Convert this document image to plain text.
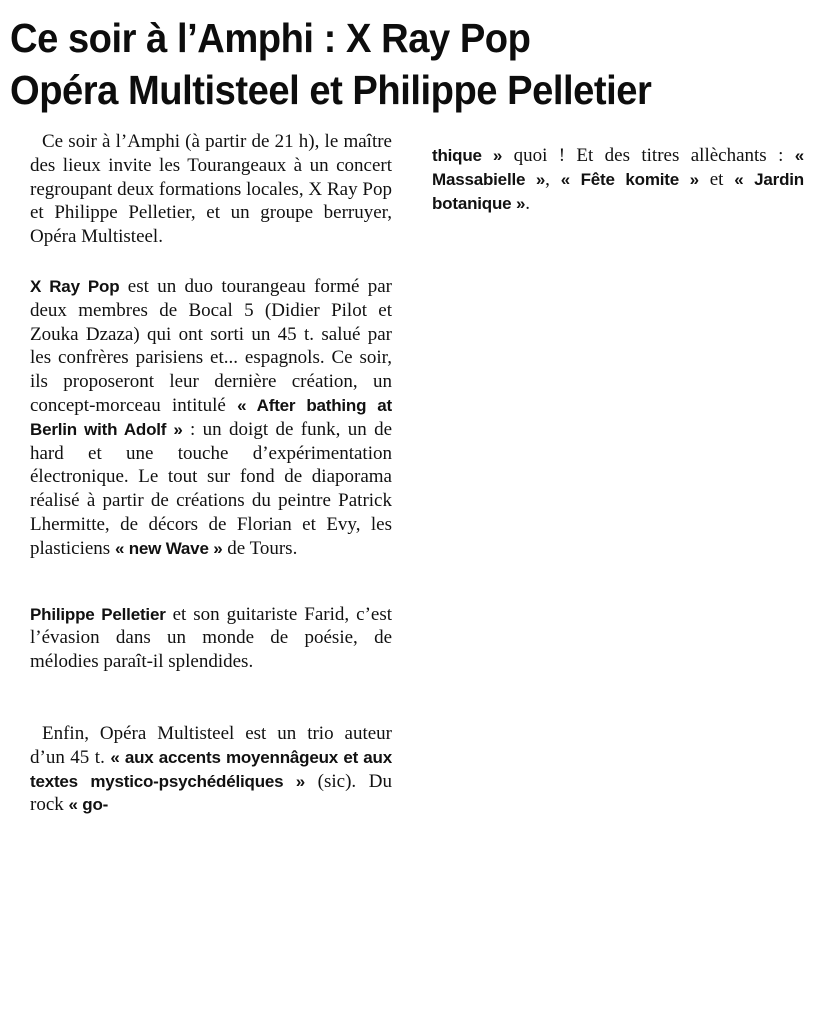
Ce soir à l’Amphi : X Ray Pop
Opéra Multisteel et Philippe Pelletier

Ce soir à l’Amphi (à partir de 21 h), le maître des lieux invite les Tourangeaux à un concert regroupant deux formations locales, X Ray Pop et Philippe Pelletier, et un groupe berruyer, Opéra Multisteel.

X Ray Pop est un duo tourangeau formé par deux membres de Bocal 5 (Didier Pilot et Zouka Dzaza) qui ont sorti un 45 t. salué par les confrères parisiens et... espagnols. Ce soir, ils proposeront leur dernière création, un concept-morceau intitulé « After bathing at Berlin with Adolf » : un doigt de funk, un de hard et une touche d’expérimentation électronique. Le tout sur fond de diaporama réalisé à partir de créations du peintre Patrick Lhermitte, de décors de Florian et Evy, les plasticiens « new Wave » de Tours.

Philippe Pelletier et son guitariste Farid, c’est l’évasion dans un monde de poésie, de mélodies paraît-il splendides.

Enfin, Opéra Multisteel est un trio auteur d’un 45 t. « aux accents moyennâgeux et aux textes mystico-psychédéliques » (sic). Du rock « go-

thique » quoi ! Et des titres allèchants : « Massabielle », « Fête komite » et « Jardin botanique ».
